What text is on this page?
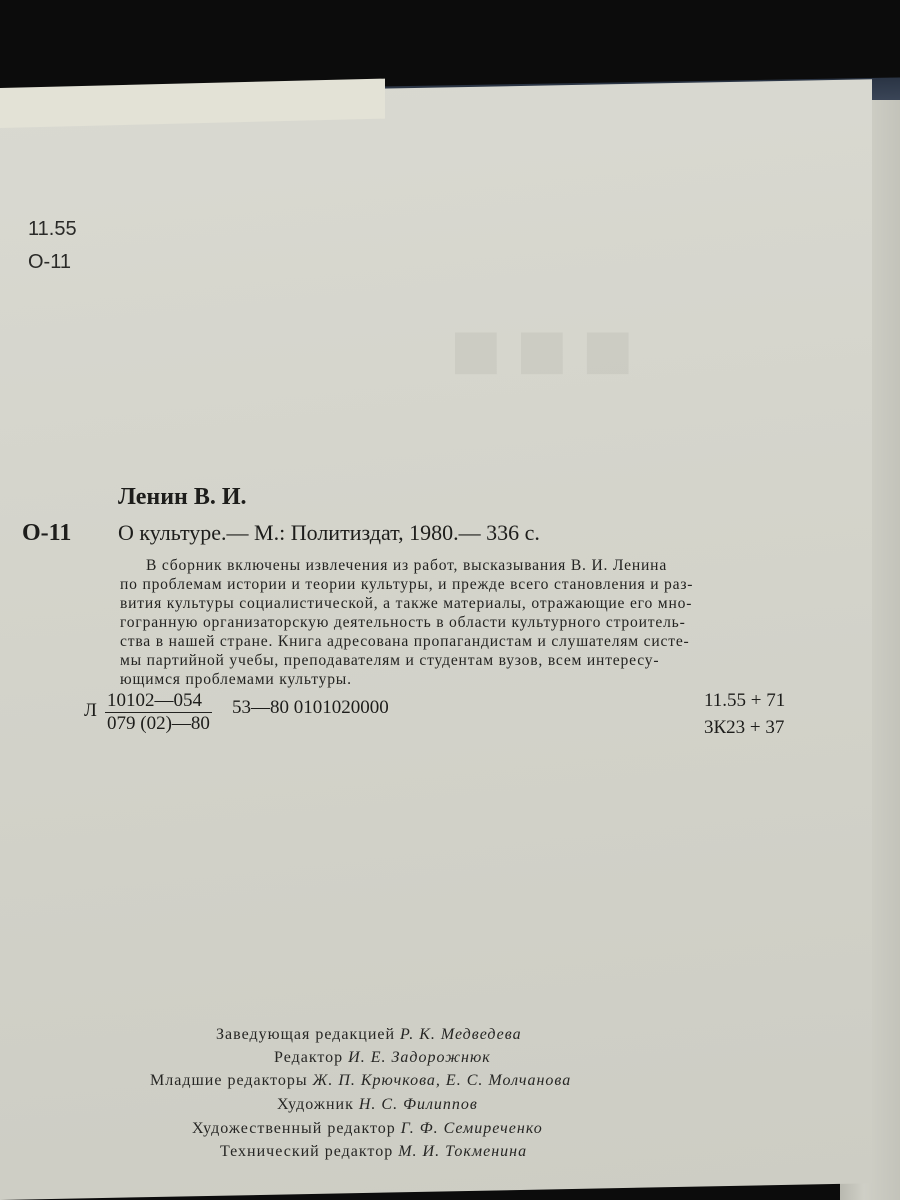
■■■
11.55
О-11
Ленин В. И.
О-11 О культуре.— М.: Политиздат, 1980.— 336 с.
В сборник включены извлечения из работ, высказывания В. И. Ленина
по проблемам истории и теории культуры, и прежде всего становления и раз-
вития культуры социалистической, а также материалы, отражающие его мно-
гогранную организаторскую деятельность в области культурного строитель-
ства в нашей стране. Книга адресована пропагандистам и слушателям систе-
мы партийной учебы, преподавателям и студентам вузов, всем интересу-
ющимся проблемами культуры.
Л $\frac{10102—054}{079 (02)—80}$ 53—80 0101020000	11.55 + 71
3К23 + 37
Заведующая редакцией Р. К. Медведева
Редактор И. Е. Задорожнюк
Младшие редакторы Ж. П. Крючкова, Е. С. Молчанова
Художник Н. С. Филиппов
Художественный редактор Г. Ф. Семиреченко
Технический редактор М. И. Токменина
